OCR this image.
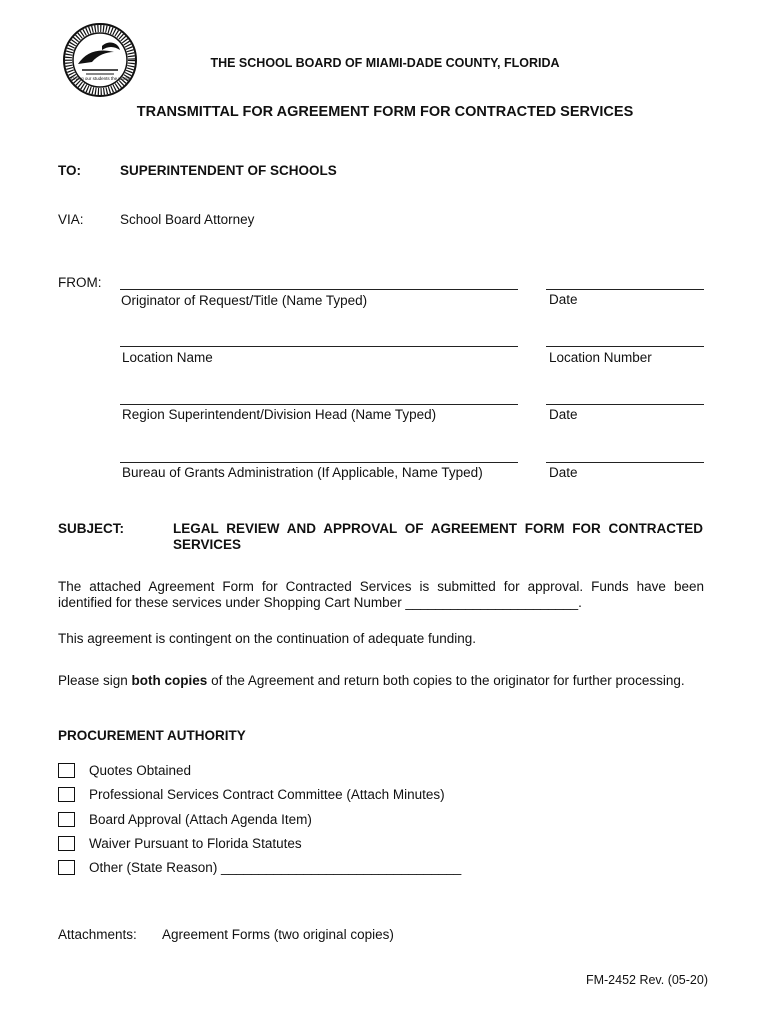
Giving our students the world
THE SCHOOL BOARD OF MIAMI-DADE COUNTY, FLORIDA
TRANSMITTAL FOR AGREEMENT FORM FOR CONTRACTED SERVICES
TO:	SUPERINTENDENT OF SCHOOLS
VIA:	School Board Attorney
FROM:
Originator of Request/Title (Name Typed)	Date
Location Name	Location Number
Region Superintendent/Division Head (Name Typed)	Date
Bureau of Grants Administration (If Applicable, Name Typed)	Date
SUBJECT:	LEGAL REVIEW AND APPROVAL OF AGREEMENT FORM FOR CONTRACTED
SERVICES
The attached Agreement Form for Contracted Services is submitted for approval. Funds have been
identified for these services under Shopping Cart Number _______________________.
This agreement is contingent on the continuation of adequate funding.
Please sign both copies of the Agreement and return both copies to the originator for further processing.
PROCUREMENT AUTHORITY
Quotes Obtained
Professional Services Contract Committee (Attach Minutes)
Board Approval (Attach Agenda Item)
Waiver Pursuant to Florida Statutes
Other (State Reason) ________________________________
Attachments: Agreement Forms (two original copies)
FM-2452 Rev. (05-20)
